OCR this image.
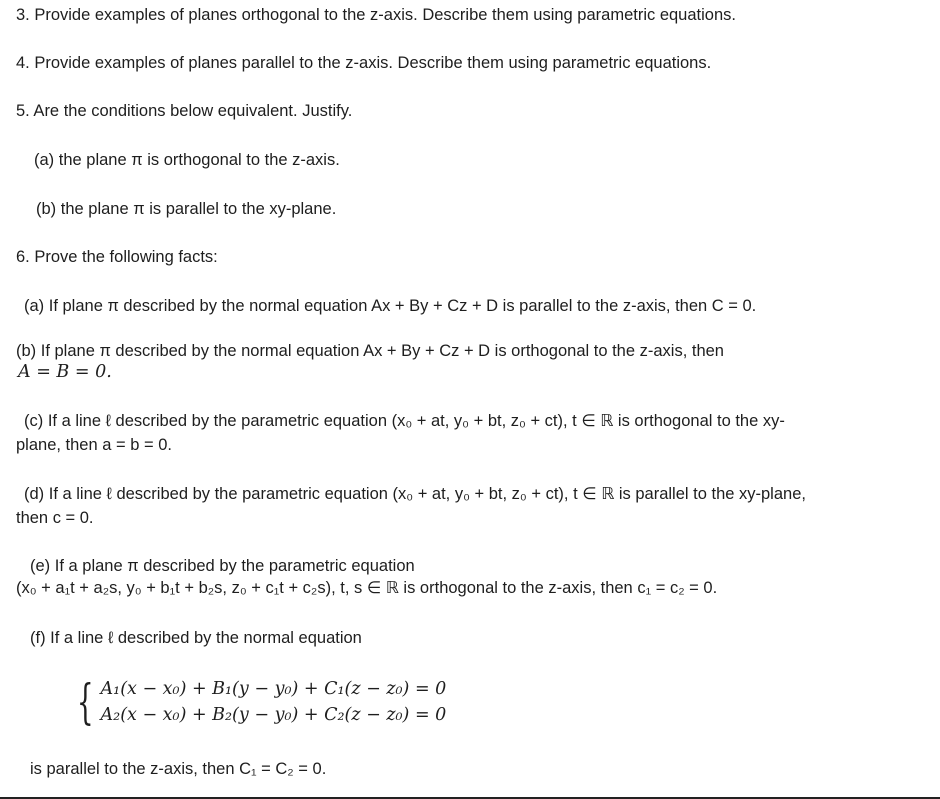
3. Provide examples of planes orthogonal to the z-axis. Describe them using parametric equations.
4. Provide examples of planes parallel to the z-axis. Describe them using parametric equations.
5. Are the conditions below equivalent. Justify.
(a) the plane π is orthogonal to the z-axis.
(b) the plane π is parallel to the xy-plane.
6. Prove the following facts:
(a) If plane π described by the normal equation Ax + By + Cz + D is parallel to the z-axis, then C = 0.
(b) If plane π described by the normal equation Ax + By + Cz + D is orthogonal to the z-axis, then
A = B = 0.
(c) If a line ℓ described by the parametric equation (x₀ + at, y₀ + bt, z₀ + ct), t ∈ ℝ is orthogonal to the xy-
plane, then a = b = 0.
(d) If a line ℓ described by the parametric equation (x₀ + at, y₀ + bt, z₀ + ct), t ∈ ℝ is parallel to the xy-plane,
then c = 0.
(e) If a plane π described by the parametric equation
(x₀ + a₁t + a₂s, y₀ + b₁t + b₂s, z₀ + c₁t + c₂s), t, s ∈ ℝ is orthogonal to the z-axis, then c₁ = c₂ = 0.
(f) If a line ℓ described by the normal equation
{ A₁(x − x₀) + B₁(y − y₀) + C₁(z − z₀) = 0
A₂(x − x₀) + B₂(y − y₀) + C₂(z − z₀) = 0
is parallel to the z-axis, then C₁ = C₂ = 0.
